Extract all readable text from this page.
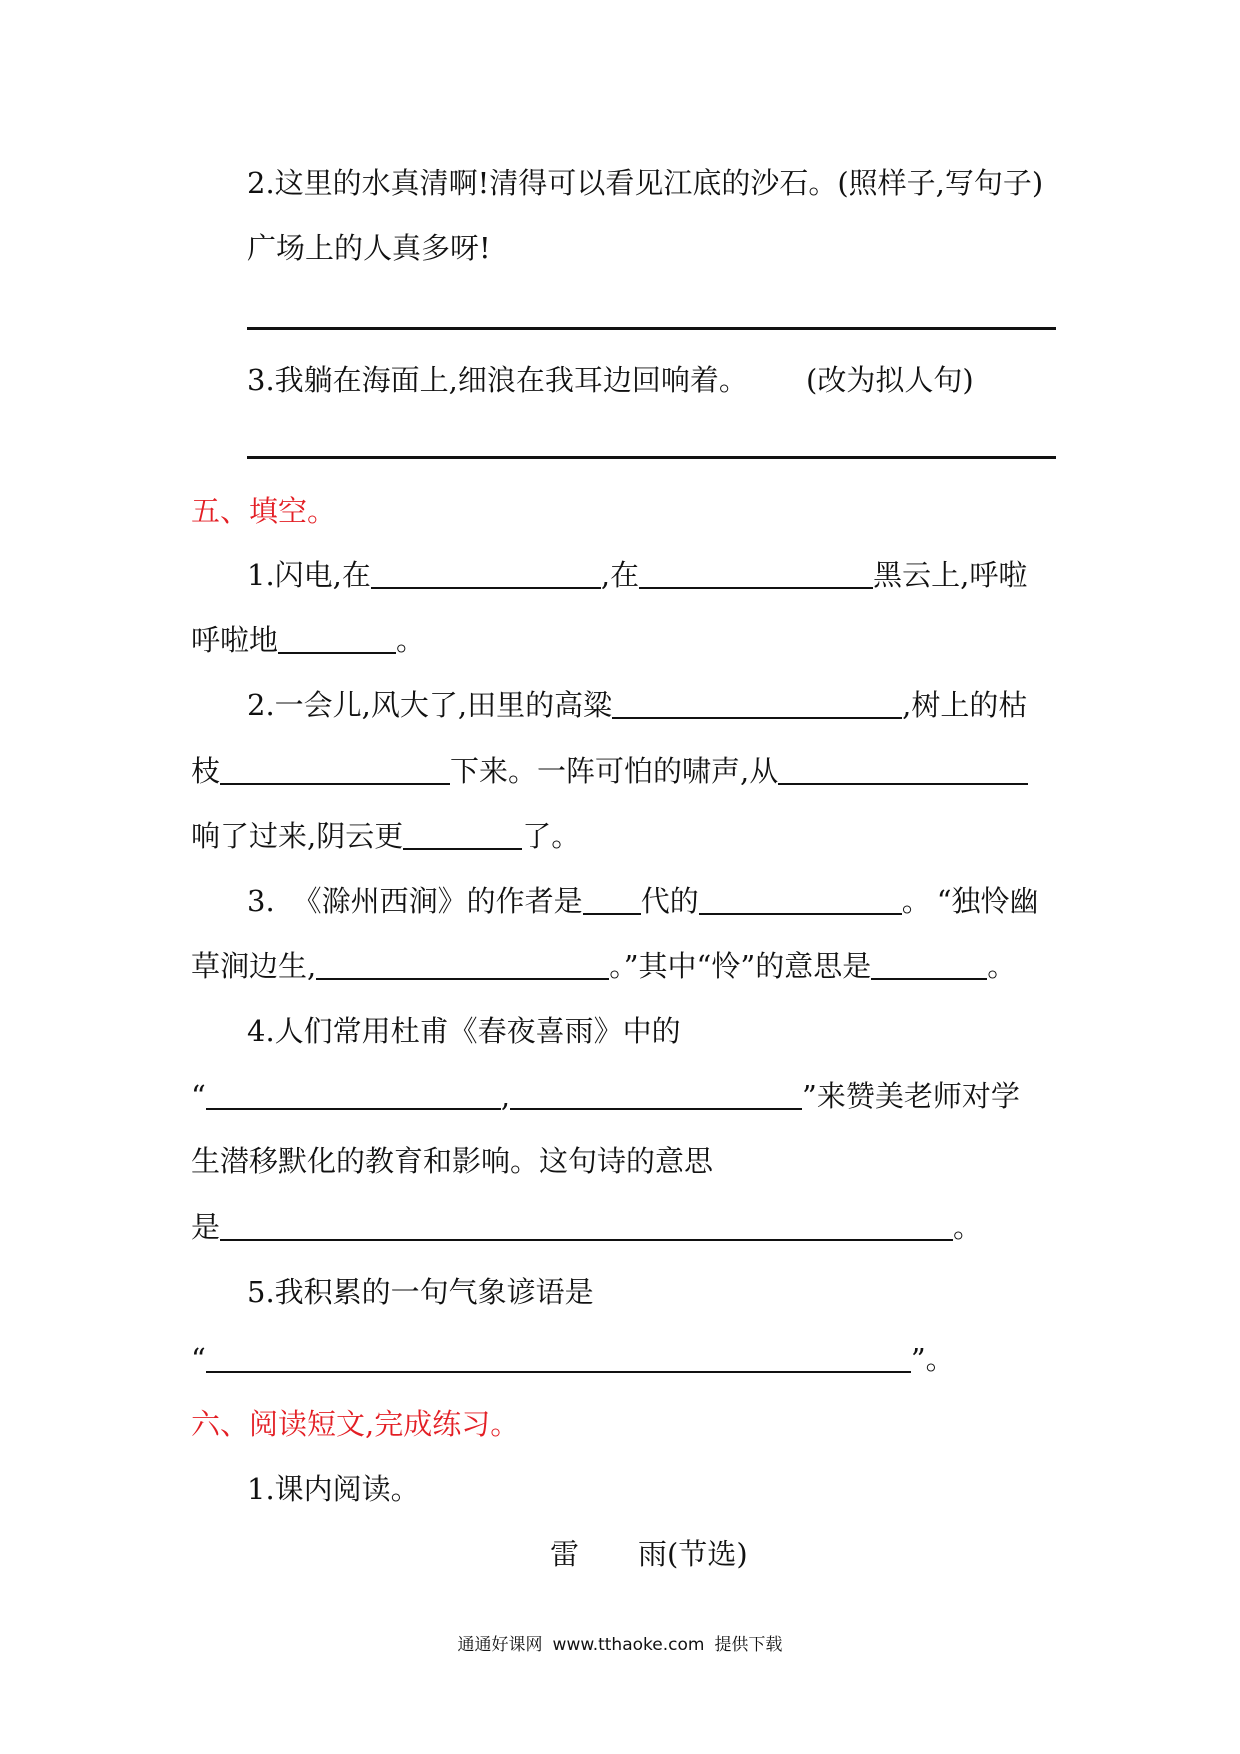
2.这里的水真清啊!清得可以看见江底的沙石。(照样子,写句子)
广场上的人真多呀!
3.我躺在海面上,细浪在我耳边回响着。 (改为拟人句)
五、填空。
1.闪电,在	,在	黑云上,呼啦
呼啦地	。
2.一会儿,风大了,田里的高粱	,树上的枯
枝	下来。一阵可怕的啸声,从
响了过来,阴云更	了。
3. 《滁州西涧》的作者是 代的	。 “独怜幽
草涧边生,	。”其中“怜”的意思是	。
4.人们常用杜甫《春夜喜雨》中的
“	,	”来赞美老师对学
生潜移默化的教育和影响。这句诗的意思
是	。
5.我积累的一句气象谚语是
“	”。
六、阅读短文,完成练习。
1.课内阅读。
雷 雨(节选)
通通好课网 www.tthaoke.com 提供下载
